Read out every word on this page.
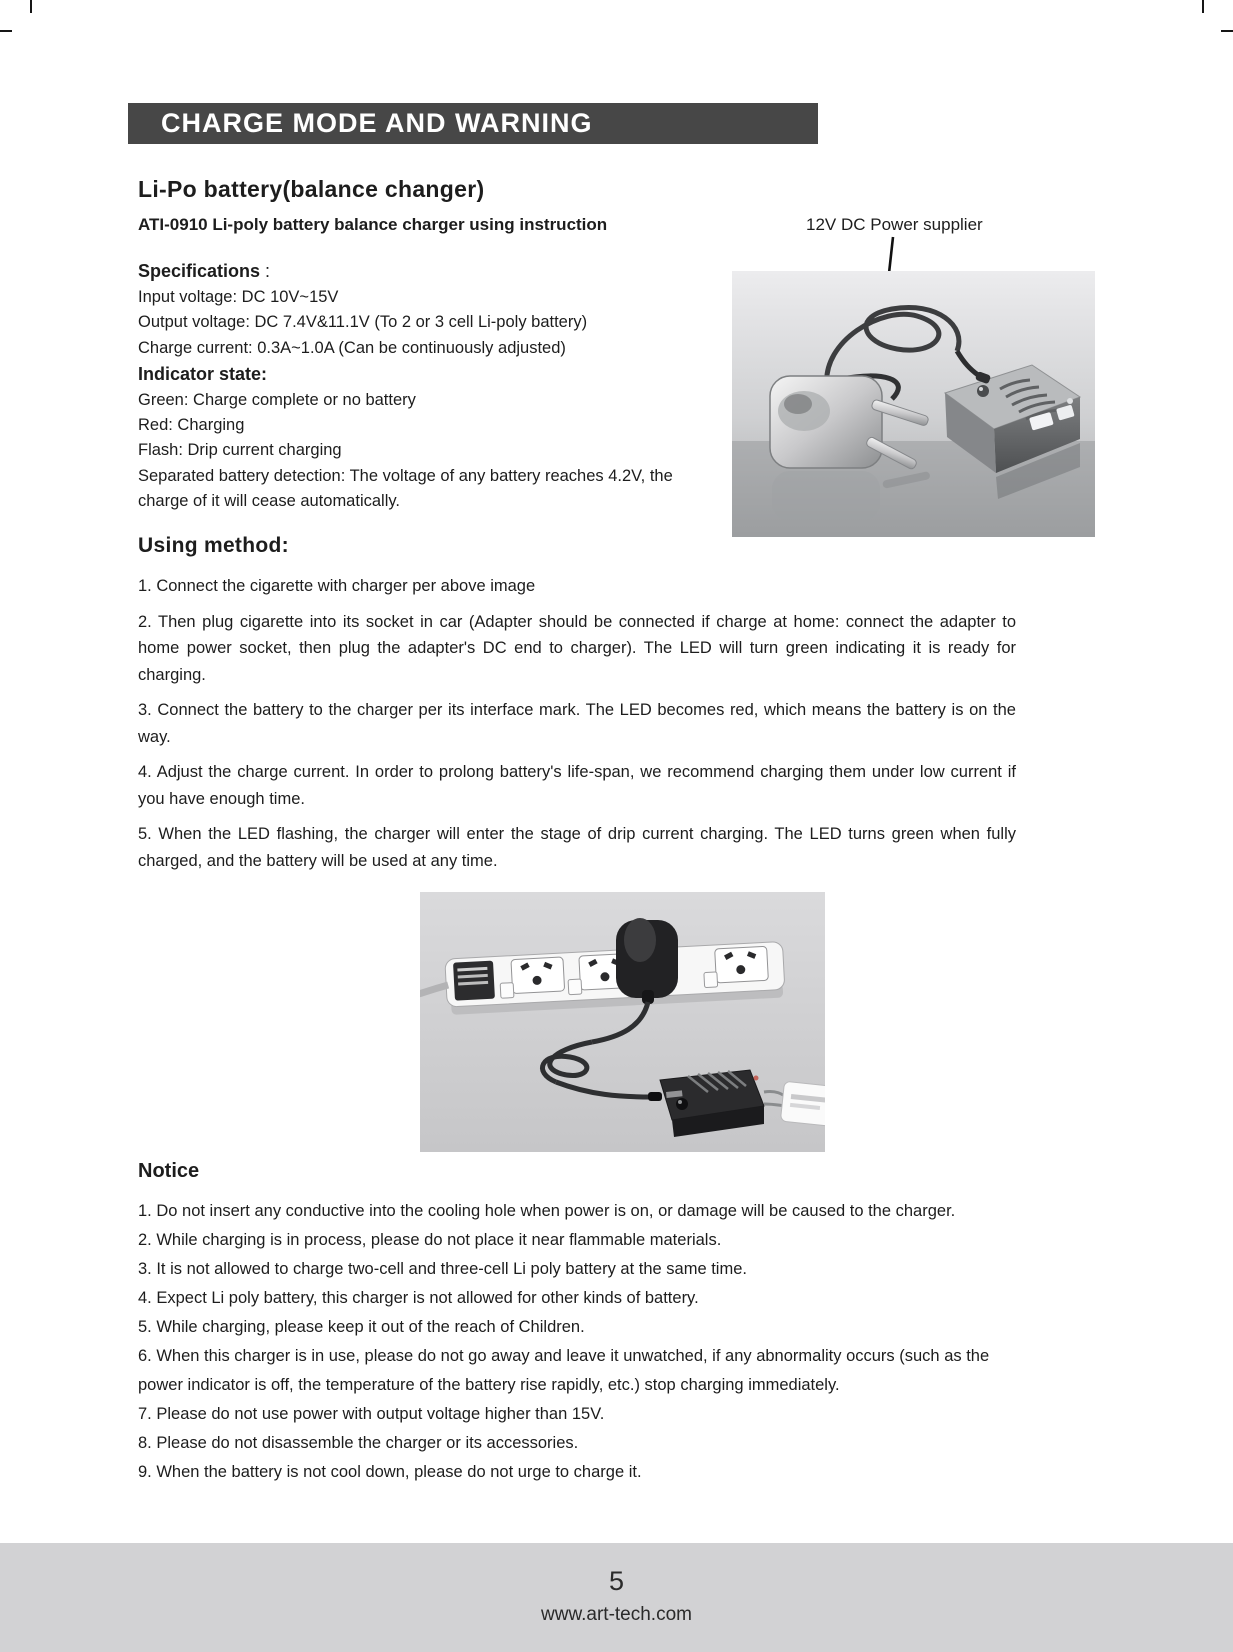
CHARGE MODE AND WARNING
Li-Po battery(balance changer)
ATI-0910 Li-poly battery balance charger using instruction	12V DC Power supplier
Specifications :
Input voltage: DC 10V~15V
Output voltage: DC 7.4V&11.1V (To 2 or 3 cell Li-poly battery)
Charge current: 0.3A~1.0A (Can be continuously adjusted)
Indicator state:
Green: Charge complete or no battery
Red: Charging
Flash: Drip current charging
Separated battery detection: The voltage of any battery reaches 4.2V, the charge of it will cease automatically.
Using method:

1. Connect the cigarette with charger per above image

2. Then plug cigarette into its socket in car (Adapter should be connected if charge at home: connect the adapter to home power socket, then plug the adapter's DC end to charger). The LED will turn green indicating it is ready for charging.

3. Connect the battery to the charger per its interface mark. The LED becomes red, which means the battery is on the way.

4. Adjust the charge current. In order to prolong battery's life-span, we recommend charging them under low current if you have enough time.

5. When the LED flashing, the charger will enter the stage of drip current charging. The LED turns green when fully charged, and the battery will be used at any time.

Notice

1. Do not insert any conductive into the cooling hole when power is on, or damage will be caused to the charger.

2. While charging is in process, please do not place it near flammable materials.

3. It is not allowed to charge two-cell and three-cell Li poly battery at the same time.

4. Expect Li poly battery, this charger is not allowed for other kinds of battery.

5. While charging, please keep it out of the reach of Children.

6. When this charger is in use, please do not go away and leave it unwatched, if any abnormality occurs (such as the power indicator is off, the temperature of the battery rise rapidly, etc.) stop charging immediately.

7. Please do not use power with output voltage higher than 15V.

8. Please do not disassemble the charger or its accessories.

9. When the battery is not cool down, please do not urge to charge it.

5
www.art-tech.com
